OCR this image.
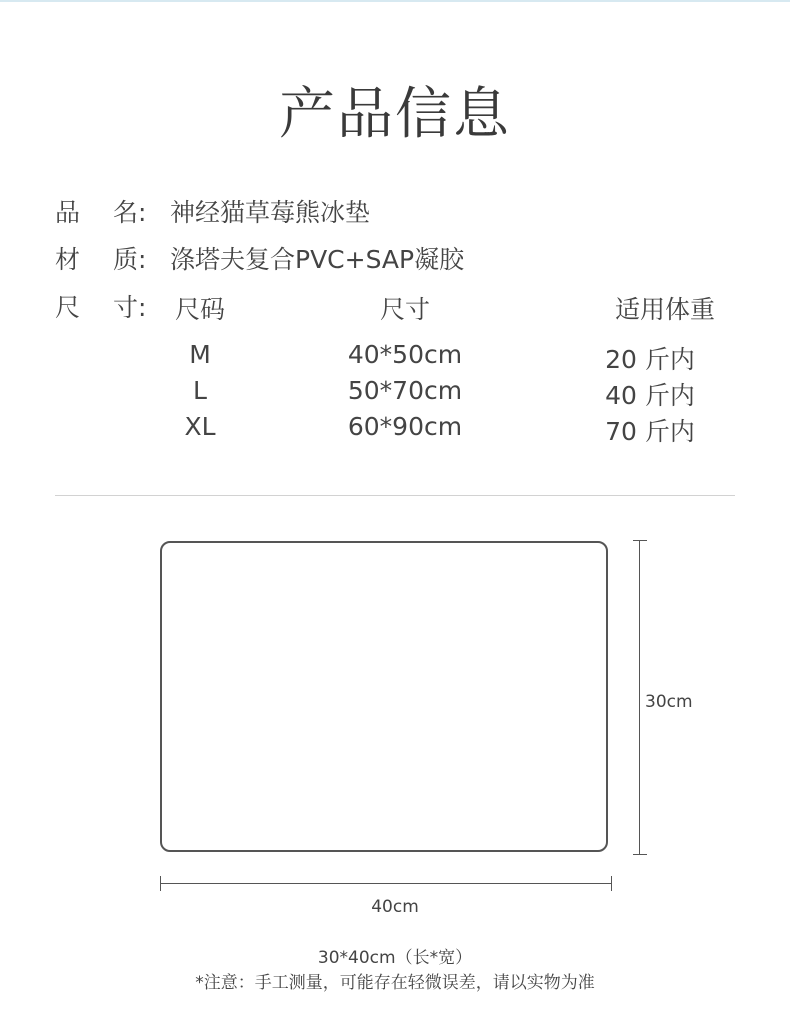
产品信息
品 名: 神经猫草莓熊冰垫
材 质: 涤塔夫复合PVC+SAP凝胶
尺 寸:	尺码	尺寸	适用体重
M	40*50cm	20 斤内
L	50*70cm	40 斤内
XL	60*90cm	70 斤内
30cm
40cm
30*40cm（长*宽）
*注意：手工测量，可能存在轻微误差，请以实物为准
